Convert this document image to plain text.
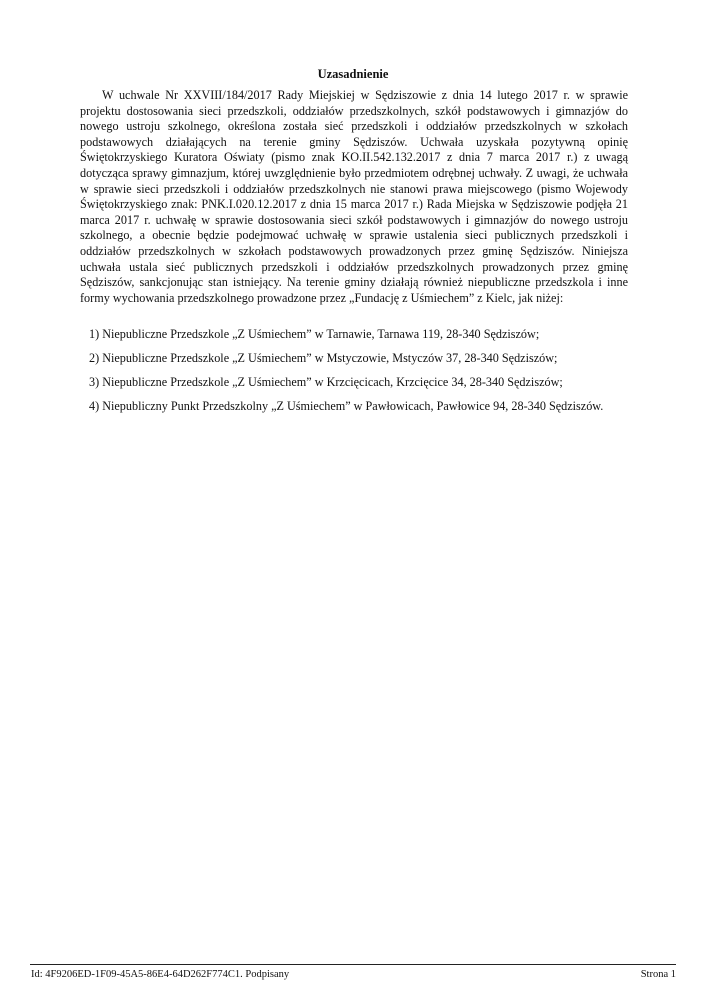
Uzasadnienie

W uchwale Nr XXVIII/184/2017 Rady Miejskiej w Sędziszowie z dnia 14 lutego 2017 r. w sprawie projektu dostosowania sieci przedszkoli, oddziałów przedszkolnych, szkół podstawowych i gimnazjów do nowego ustroju szkolnego, określona została sieć przedszkoli i oddziałów przedszkolnych w szkołach podstawowych działających na terenie gminy Sędziszów. Uchwała uzyskała pozytywną opinię Świętokrzyskiego Kuratora Oświaty (pismo znak KO.II.542.132.2017 z dnia 7 marca 2017 r.) z uwagą dotycząca sprawy gimnazjum, której uwzględnienie było przedmiotem odrębnej uchwały. Z uwagi, że uchwała w sprawie sieci przedszkoli i oddziałów przedszkolnych nie stanowi prawa miejscowego (pismo Wojewody Świętokrzyskiego znak: PNK.I.020.12.2017 z dnia 15 marca 2017 r.) Rada Miejska w Sędziszowie podjęła 21 marca 2017 r. uchwałę w sprawie dostosowania sieci szkół podstawowych i gimnazjów do nowego ustroju szkolnego, a obecnie będzie podejmować uchwałę w sprawie ustalenia sieci publicznych przedszkoli i oddziałów przedszkolnych w szkołach podstawowych prowadzonych przez gminę Sędziszów. Niniejsza uchwała ustala sieć publicznych przedszkoli i oddziałów przedszkolnych prowadzonych przez gminę Sędziszów, sankcjonując stan istniejący. Na terenie gminy działają również niepubliczne przedszkola i inne formy wychowania przedszkolnego prowadzone przez „Fundację z Uśmiechem” z Kielc, jak niżej:

1) Niepubliczne Przedszkole „Z Uśmiechem” w Tarnawie, Tarnawa 119, 28-340 Sędziszów;
2) Niepubliczne Przedszkole „Z Uśmiechem” w Mstyczowie, Mstyczów 37, 28-340 Sędziszów;
3) Niepubliczne Przedszkole „Z Uśmiechem” w Krzcięcicach, Krzcięcice 34, 28-340 Sędziszów;
4) Niepubliczny Punkt Przedszkolny „Z Uśmiechem” w Pawłowicach, Pawłowice 94, 28-340 Sędziszów.
Id: 4F9206ED-1F09-45A5-86E4-64D262F774C1. Podpisany	Strona 1
